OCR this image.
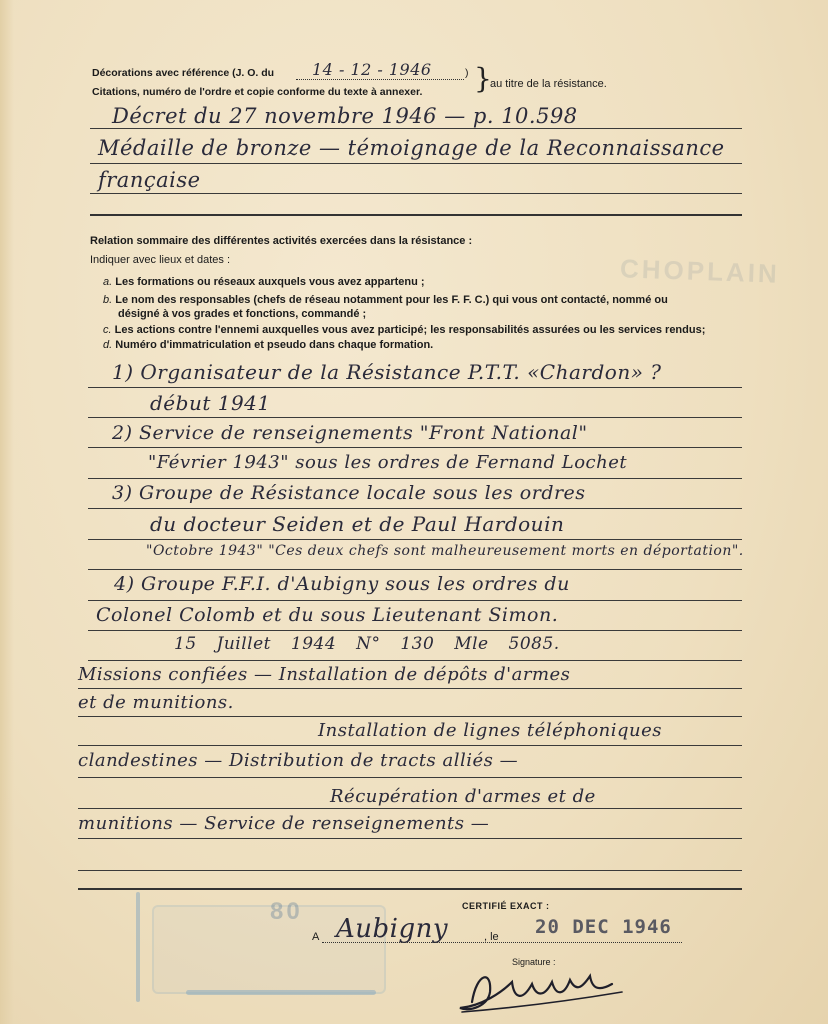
CHOPLAIN
Décorations avec référence (J. O. du 14 - 12 - 1946	)
Citations, numéro de l'ordre et copie conforme du texte à annexer. }
au titre de la résistance.
Décret du 27 novembre 1946 — p. 10.598
Médaille de bronze — témoignage de la Reconnaissance
française
Relation sommaire des différentes activités exercées dans la résistance :
Indiquer avec lieux et dates :
a. Les formations ou réseaux auxquels vous avez appartenu ;
b. Le nom des responsables (chefs de réseau notamment pour les F. F. C.) qui vous ont contacté, nommé ou
désigné à vos grades et fonctions, commandé ;
c. Les actions contre l'ennemi auxquelles vous avez participé; les responsabilités assurées ou les services rendus;
d. Numéro d'immatriculation et pseudo dans chaque formation.
1) Organisateur de la Résistance P.T.T. «Chardon» ?
début 1941
2) Service de renseignements "Front National"
"Février 1943" sous les ordres de Fernand Lochet
3) Groupe de Résistance locale sous les ordres
du docteur Seiden et de Paul Hardouin
"Octobre 1943" "Ces deux chefs sont malheureusement morts en déportation".
4) Groupe F.F.I. d'Aubigny sous les ordres du
Colonel Colomb et du sous Lieutenant Simon.
15 Juillet 1944 N° 130 Mle 5085.
Missions confiées — Installation de dépôts d'armes
et de munitions.
Installation de lignes téléphoniques
clandestines — Distribution de tracts alliés —
Récupération d'armes et de
munitions — Service de renseignements —
80	CERTIFIÉ EXACT :
A Aubigny	, le 20 DEC 1946
Signature :
